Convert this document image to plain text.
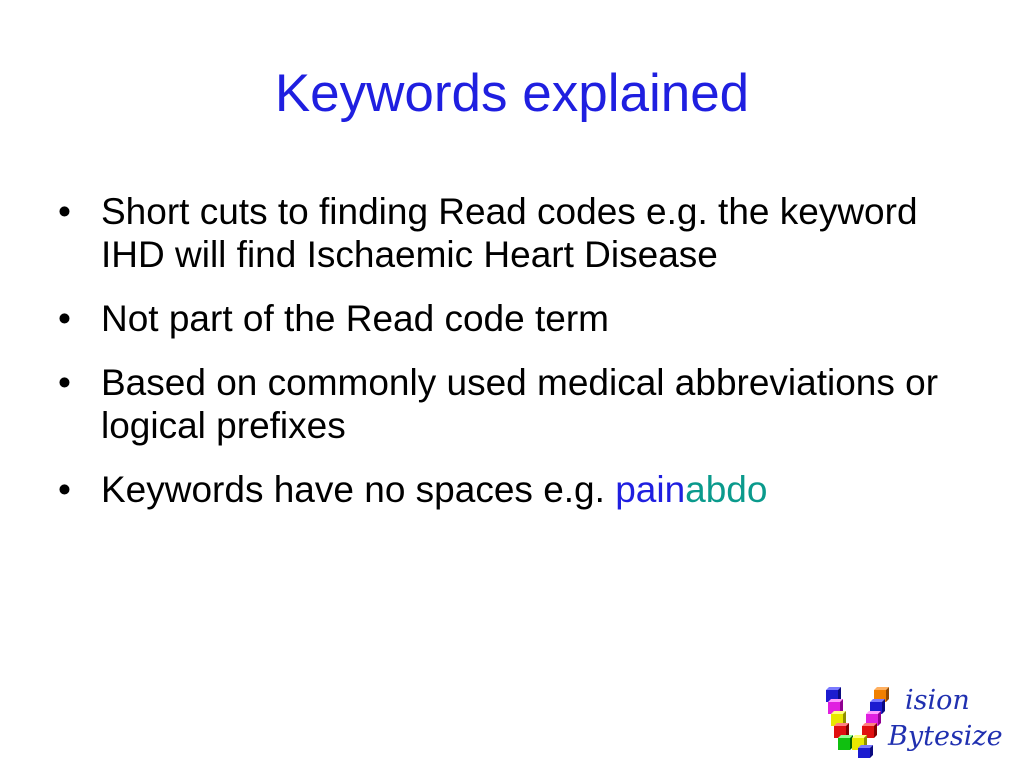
Keywords explained
• Short cuts to finding Read codes e.g. the keyword IHD will find Ischaemic Heart Disease
• Not part of the Read code term
• Based on commonly used medical abbreviations or logical prefixes
• Keywords have no spaces e.g. painabdo
ision
Bytesize
